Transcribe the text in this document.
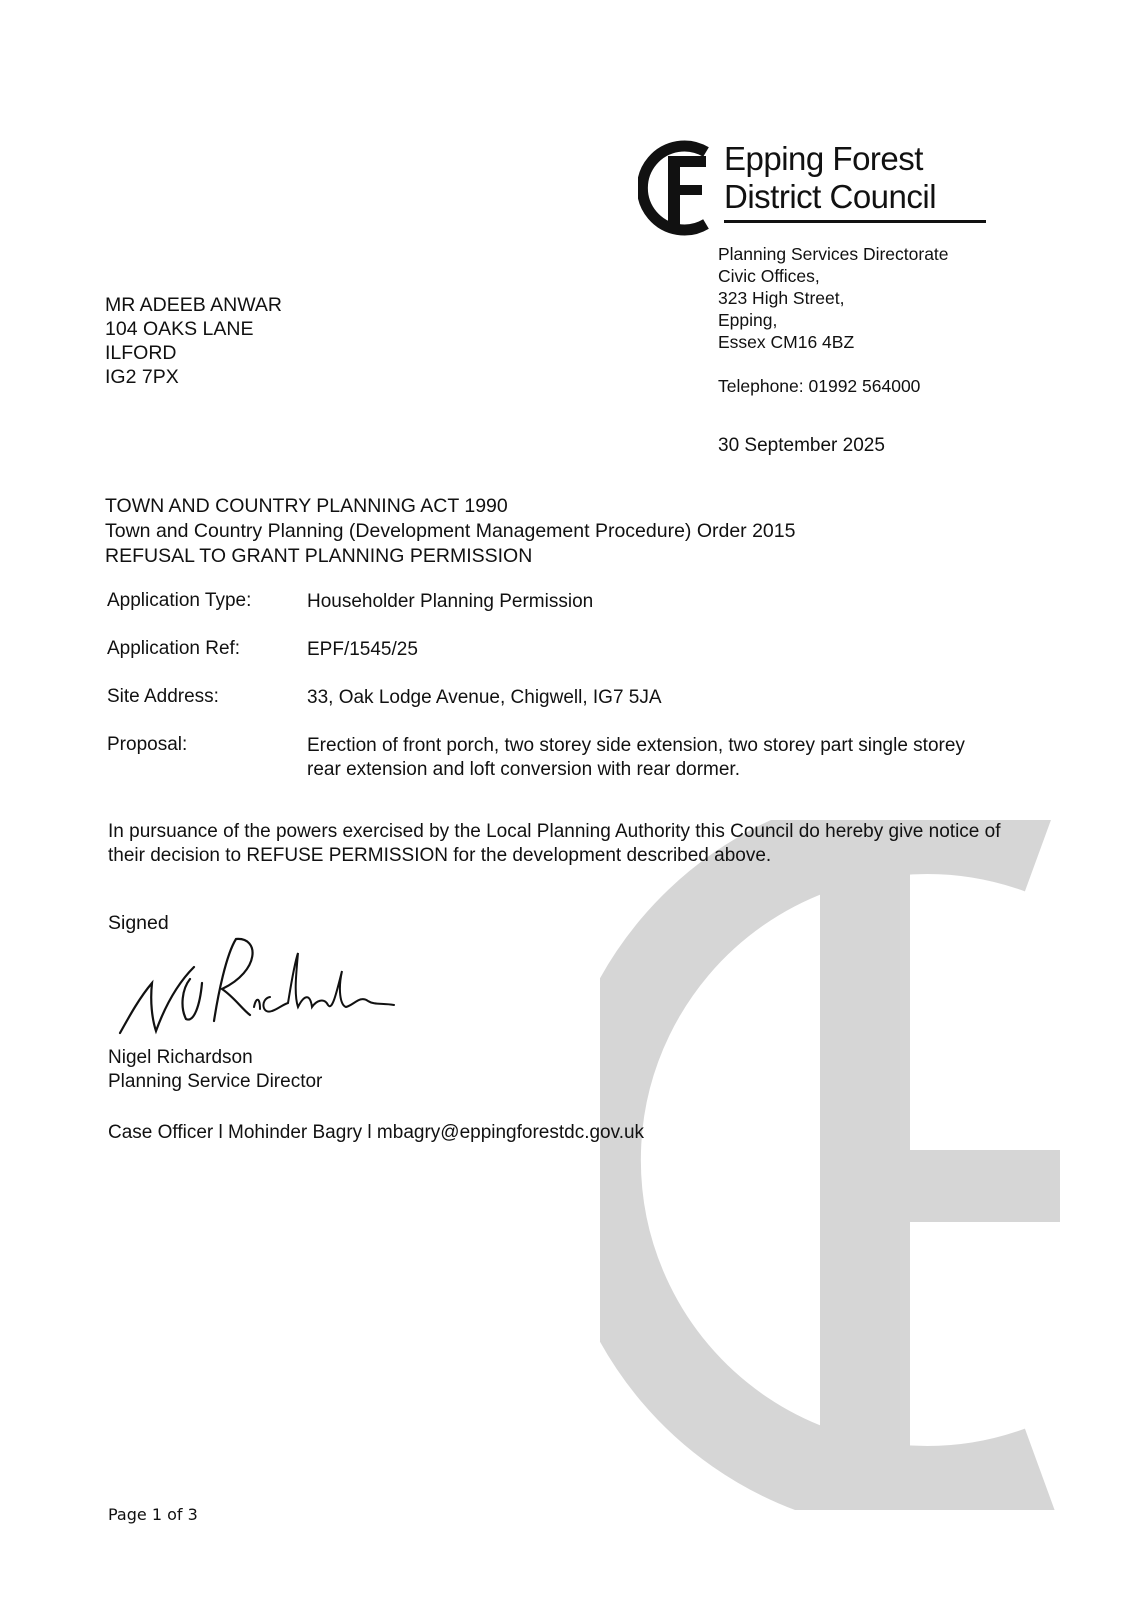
Epping Forest
District Council
Planning Services Directorate
Civic Offices,
323 High Street,
Epping,
Essex CM16 4BZ
Telephone: 01992 564000
30 September 2025
MR ADEEB ANWAR
104 OAKS LANE
ILFORD
IG2 7PX
TOWN AND COUNTRY PLANNING ACT 1990
Town and Country Planning (Development Management Procedure) Order 2015
REFUSAL TO GRANT PLANNING PERMISSION
Application Type:	Householder Planning Permission
Application Ref:	EPF/1545/25
Site Address:	33, Oak Lodge Avenue, Chigwell, IG7 5JA
Proposal:	Erection of front porch, two storey side extension, two storey part single storey rear extension and loft conversion with rear dormer.
In pursuance of the powers exercised by the Local Planning Authority this Council do hereby give notice of their decision to REFUSE PERMISSION for the development described above.
Signed
Nigel Richardson
Planning Service Director
Case Officer l Mohinder Bagry l mbagry@eppingforestdc.gov.uk
Page 1 of 3
